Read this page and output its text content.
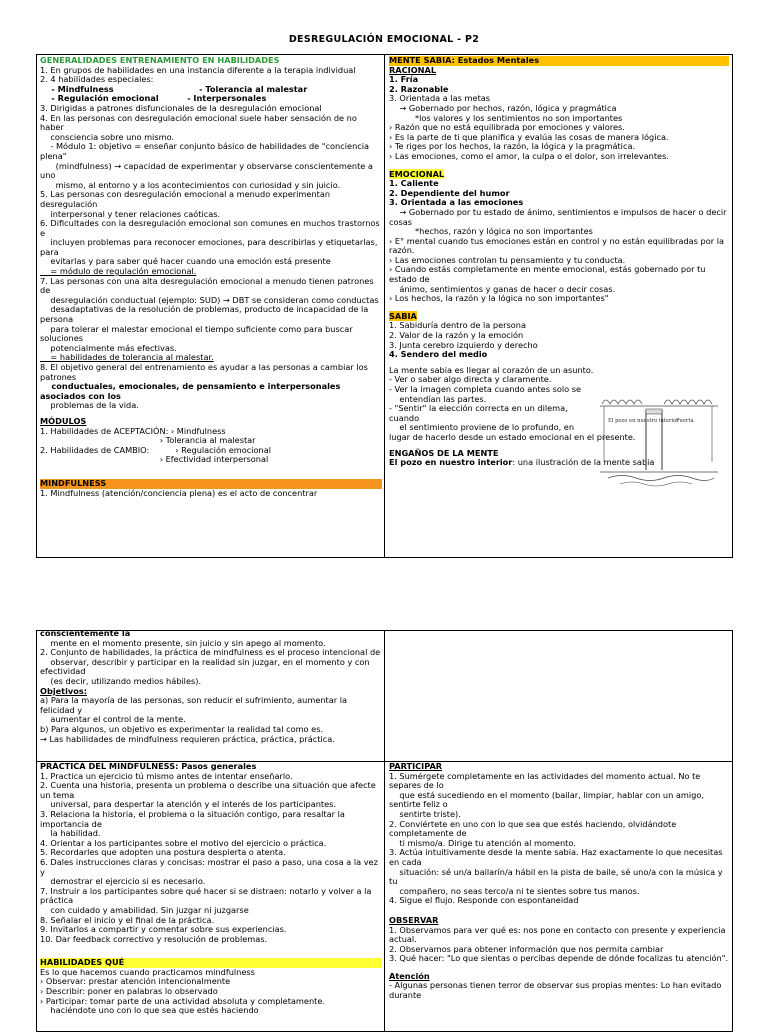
DESREGULACIÓN EMOCIONAL - P2

GENERALIDADES ENTRENAMIENTO EN HABILIDADES

1. En grupos de habilidades en una instancia diferente a la terapia individual

2. 4 habilidades especiales:

- Mindfulness                              - Tolerancia al malestar

- Regulación emocional          - Interpersonales

3. Dirigidas a patrones disfuncionales de la desregulación emocional

4. En las personas con desregulación emocional suele haber sensación de no haber

consciencia sobre uno mismo.

- Módulo 1: objetivo = enseñar conjunto básico de habilidades de "conciencia plena"

(mindfulness) → capacidad de experimentar y observarse conscientemente a uno

mismo, al entorno y a los acontecimientos con curiosidad y sin juicio.

5. Las personas con desregulación emocional a menudo experimentan desregulación

interpersonal y tener relaciones caóticas.

6. Dificultades con la desregulación emocional son comunes en muchos trastornos e

incluyen problemas para reconocer emociones, para describirlas y etiquetarlas, para

evitarlas y para saber qué hacer cuando una emoción está presente

= módulo de regulación emocional.

7. Las personas con una alta desregulación emocional a menudo tienen patrones de

desregulación conductual (ejemplo: SUD) → DBT se consideran como conductas

desadaptativas de la resolución de problemas, producto de incapacidad de la persona

para tolerar el malestar emocional el tiempo suficiente como para buscar soluciones

potencialmente más efectivas.

= habilidades de tolerancia al malestar.

8. El objetivo general del entrenamiento es ayudar a las personas a cambiar los patrones

conductuales, emocionales, de pensamiento e interpersonales asociados con los

problemas de la vida.

MÓDULOS

1. Habilidades de ACEPTACIÓN: › Mindfulness

› Tolerancia al malestar

2. Habilidades de CAMBIO:          › Regulación emocional

› Efectividad interpersonal

MINDFULNESS

1. Mindfulness (atención/conciencia plena) es el acto de concentrar

MENTE SABIA: Estados Mentales

RACIONAL

1. Fría

2. Razonable

3. Orientada a las metas

→ Gobernado por hechos, razón, lógica y pragmática

*los valores y los sentimientos no son importantes

› Razón que no está equilibrada por emociones y valores.

› Es la parte de ti que planifica y evalúa las cosas de manera lógica.

› Te riges por los hechos, la razón, la lógica y la pragmática.

› Las emociones, como el amor, la culpa o el dolor, son irrelevantes.

EMOCIONAL

1. Caliente

2. Dependiente del humor

3. Orientada a las emociones

→ Gobernado por tu estado de ánimo, sentimientos e impulsos de hacer o decir cosas

*hechos, razón y lógica no son importantes

› E° mental cuando tus emociones están en control y no están equilibradas por la razón.

› Las emociones controlan tu pensamiento y tu conducta.

› Cuando estás completamente en mente emocional, estás gobernado por tu estado de

ánimo, sentimientos y ganas de hacer o decir cosas.

› Los hechos, la razón y la lógica no son importantes"

SABIA

1. Sabiduría dentro de la persona

2. Valor de la razón y la emoción

3. Junta cerebro izquierdo y derecho

4. Sendero del medio

La mente sabia es llegar al corazón de un asunto.

- Ver o saber algo directa y claramente.

- Ver la imagen completa cuando antes solo se

entendían las partes.

- "Sentir" la elección correcta en un dilema, cuando

el sentimiento proviene de lo profundo, en

lugar de hacerlo desde un estado emocional en el presente.

ENGAÑOS DE LA MENTE

El pozo en nuestro interior: una ilustración de la mente sabia

El pozo en nuestro interior
Puerta

conscientemente la

mente en el momento presente, sin juicio y sin apego al momento.

2. Conjunto de habilidades, la práctica de mindfulness es el proceso intencional de

observar, describir y participar en la realidad sin juzgar, en el momento y con efectividad

(es decir, utilizando medios hábiles).

Objetivos:

a) Para la mayoría de las personas, son reducir el sufrimiento, aumentar la felicidad y

aumentar el control de la mente.

b) Para algunos, un objetivo es experimentar la realidad tal como es.

→ Las habilidades de mindfulness requieren práctica, práctica, práctica.

PRÁCTICA DEL MINDFULNESS: Pasos generales

1. Practica un ejercicio tú mismo antes de intentar enseñarlo.

2. Cuenta una historia, presenta un problema o describe una situación que afecte un tema

universal, para despertar la atención y el interés de los participantes.

3. Relaciona la historia, el problema o la situación contigo, para resaltar la importancia de

la habilidad.

4. Orientar a los participantes sobre el motivo del ejercicio o práctica.

5. Recordarles que adopten una postura despierta o atenta.

6. Dales instrucciones claras y concisas: mostrar el paso a paso, una cosa a la vez y

demostrar el ejercicio si es necesario.

7. Instruir a los participantes sobre qué hacer si se distraen: notarlo y volver a la práctica

con cuidado y amabilidad. Sin juzgar ni juzgarse

8. Señalar el inicio y el final de la práctica.

9. Invitarlos a compartir y comentar sobre sus experiencias.

10. Dar feedback correctivo y resolución de problemas.

HABILIDADES QUÉ

Es lo que hacemos cuando practicamos mindfulness

› Observar: prestar atención intencionalmente

› Describir: poner en palabras lo observado

› Participar: tomar parte de una actividad absoluta y completamente.

haciéndote uno con lo que sea que estés haciendo

PARTICIPAR

1. Sumérgete completamente en las actividades del momento actual. No te separes de lo

que está sucediendo en el momento (bailar, limpiar, hablar con un amigo, sentirte feliz o

sentirte triste).

2. Conviértete en uno con lo que sea que estés haciendo, olvidándote completamente de

ti mismo/a. Dirige tu atención al momento.

3. Actúa intuitivamente desde la mente sabia. Haz exactamente lo que necesitas en cada

situación: sé un/a bailarín/a hábil en la pista de baile, sé uno/a con la música y tu

compañero, no seas terco/a ni te sientes sobre tus manos.

4. Sigue el flujo. Responde con espontaneidad

OBSERVAR

1. Observamos para ver qué es: nos pone en contacto con presente y experiencia actual.

2. Observamos para obtener información que nos permita cambiar

3. Qué hacer: "Lo que sientas o percibas depende de dónde focalizas tu atención".

Atención

- Algunas personas tienen terror de observar sus propias mentes: Lo han evitado durante
